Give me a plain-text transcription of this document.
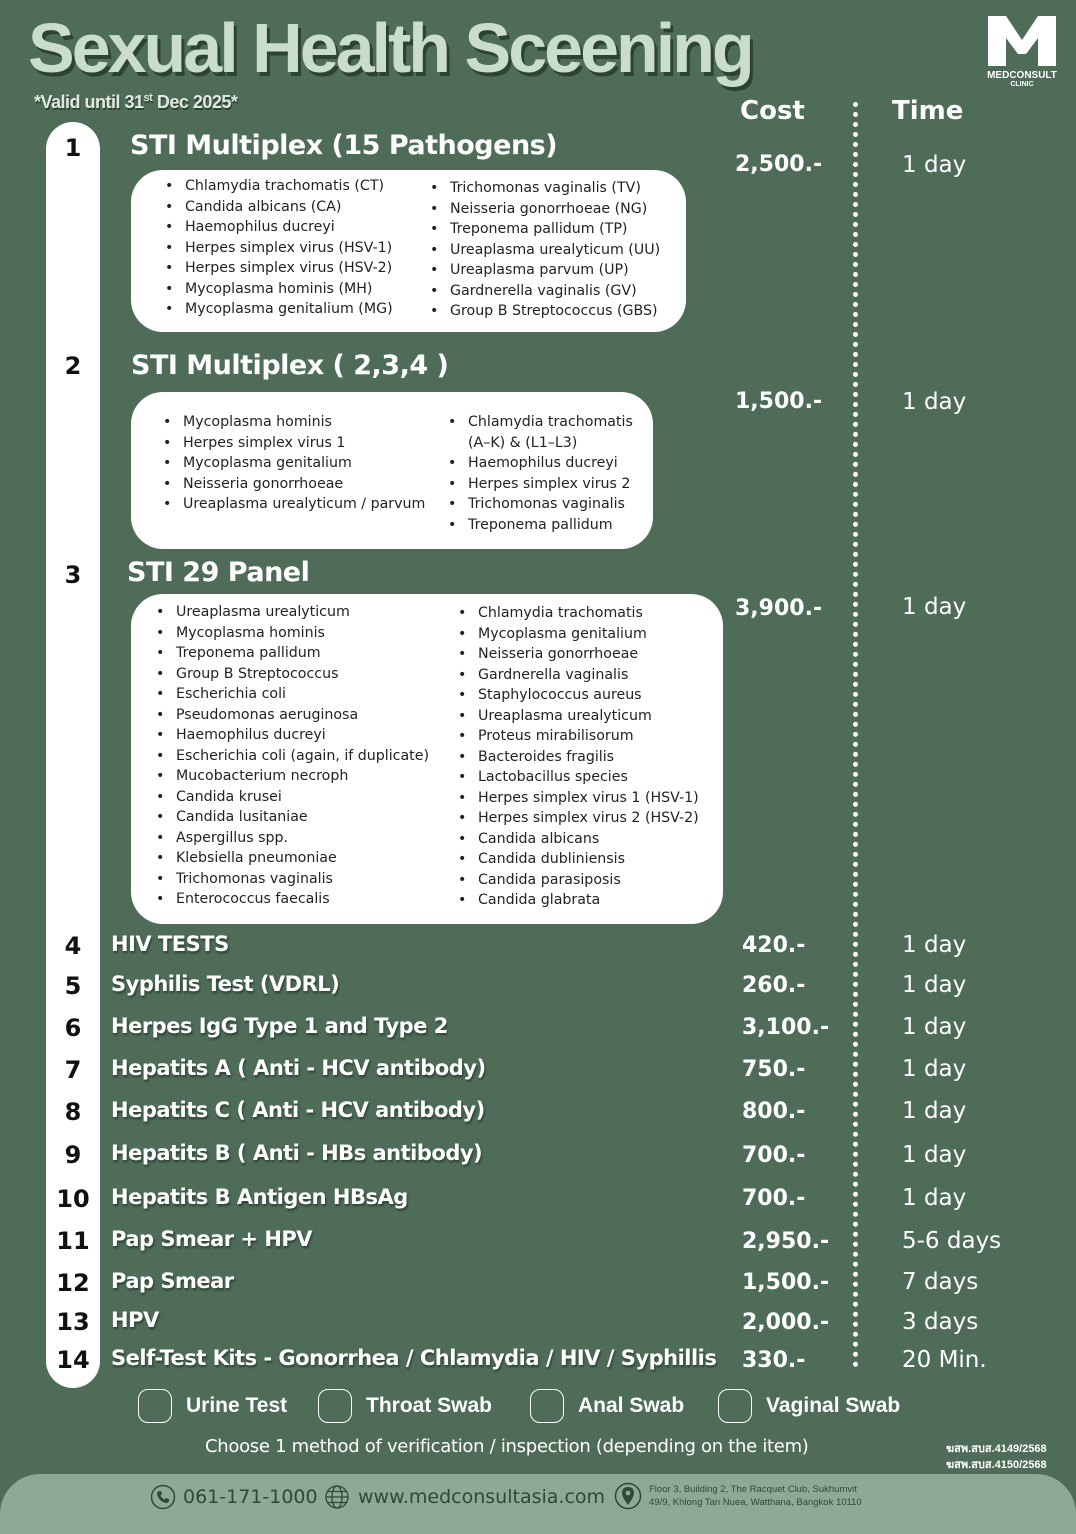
Sexual Health Sceening
*Valid until 31st Dec 2025*
MEDCONSULT
CLINIC
Cost	Time
1	STI Multiplex (15 Pathogens)
• Chlamydia trachomatis (CT)
• Candida albicans (CA)
• Haemophilus ducreyi
• Herpes simplex virus (HSV-1)
• Herpes simplex virus (HSV-2)
• Mycoplasma hominis (MH)
• Mycoplasma genitalium (MG)
• Trichomonas vaginalis (TV)
• Neisseria gonorrhoeae (NG)
• Treponema pallidum (TP)
• Ureaplasma urealyticum (UU)
• Ureaplasma parvum (UP)
• Gardnerella vaginalis (GV)
• Group B Streptococcus (GBS)
2,500.-	1 day
2	STI Multiplex ( 2,3,4 )
• Mycoplasma hominis
• Herpes simplex virus 1
• Mycoplasma genitalium
• Neisseria gonorrhoeae
• Ureaplasma urealyticum / parvum
• Chlamydia trachomatis
(A–K) & (L1–L3)
• Haemophilus ducreyi
• Herpes simplex virus 2
• Trichomonas vaginalis
• Treponema pallidum
1,500.-	1 day
3	STI 29 Panel
• Ureaplasma urealyticum
• Mycoplasma hominis
• Treponema pallidum
• Group B Streptococcus
• Escherichia coli
• Pseudomonas aeruginosa
• Haemophilus ducreyi
• Escherichia coli (again, if duplicate)
• Mucobacterium necroph
• Candida krusei
• Candida lusitaniae
• Aspergillus spp.
• Klebsiella pneumoniae
• Trichomonas vaginalis
• Enterococcus faecalis
• Chlamydia trachomatis
• Mycoplasma genitalium
• Neisseria gonorrhoeae
• Gardnerella vaginalis
• Staphylococcus aureus
• Ureaplasma urealyticum
• Proteus mirabilisorum
• Bacteroides fragilis
• Lactobacillus species
• Herpes simplex virus 1 (HSV-1)
• Herpes simplex virus 2 (HSV-2)
• Candida albicans
• Candida dubliniensis
• Candida parasiposis
• Candida glabrata
3,900.-	1 day
4	HIV TESTS	420.-	1 day
5	Syphilis Test (VDRL)	260.-	1 day
6	Herpes IgG Type 1 and Type 2	3,100.-	1 day
7	Hepatits A ( Anti - HCV antibody)	750.-	1 day
8	Hepatits C ( Anti - HCV antibody)	800.-	1 day
9	Hepatits B ( Anti - HBs antibody)	700.-	1 day
10	Hepatits B Antigen HBsAg	700.-	1 day
11	Pap Smear + HPV	2,950.-	5-6 days
12	Pap Smear	1,500.-	7 days
13	HPV	2,000.-	3 days
14	Self-Test Kits - Gonorrhea / Chlamydia / HIV / Syphillis 330.-	20 Min.
Urine Test	Throat Swab	Anal Swab	Vaginal Swab
Choose 1 method of verification / inspection (depending on the item)	ฆสพ.สบส.4149/2568
ฆสพ.สบส.4150/2568
061-171-1000 www.medconsultasia.com	Floor 3, Building 2, The Racquet Club, Sukhumvit
49/9, Khlong Tan Nuea, Watthana, Bangkok 10110
